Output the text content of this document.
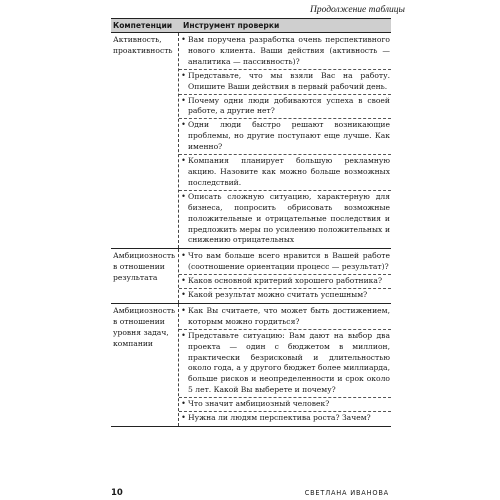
Продолжение таблицы
Компетенции	Инструмент проверки
Активность, проактивность
• Вам поручена разработка очень перспективного нового клиента. Ваши действия (активность — аналитика — пассивность)?
• Представьте, что мы взяли Вас на работу. Опишите Ваши действия в первый рабочий день.
• Почему одни люди добиваются успеха в своей работе, а другие нет?
• Одни люди быстро решают возникающие проблемы, но другие поступают еще лучше. Как именно?
• Компания планирует большую рекламную акцию. Назовите как можно больше возможных последствий.
• Описать сложную ситуацию, характерную для бизнеса, попросить обрисовать возможные положительные и отрицательные последствия и предложить меры по усилению положительных и снижению отрицательных
Амбициозность в отношении результата
• Что вам больше всего нравится в Вашей работе (соотношение ориентации процесс — результат)?
• Каков основной критерий хорошего работника?
• Какой результат можно считать успешным?
Амбициозность в отношении уровня задач, компании
• Как Вы считаете, что может быть достижением, которым можно гордиться?
• Представьте ситуацию: Вам дают на выбор два проекта — один с бюджетом в миллион, практически безрисковый и длительностью около года, а у другого бюджет более миллиарда, больше рисков и неопределенности и срок около 5 лет. Какой Вы выберете и почему?
• Что значит амбициозный человек?
• Нужна ли людям перспектива роста? Зачем?
10	СВЕТЛАНА ИВАНОВА
